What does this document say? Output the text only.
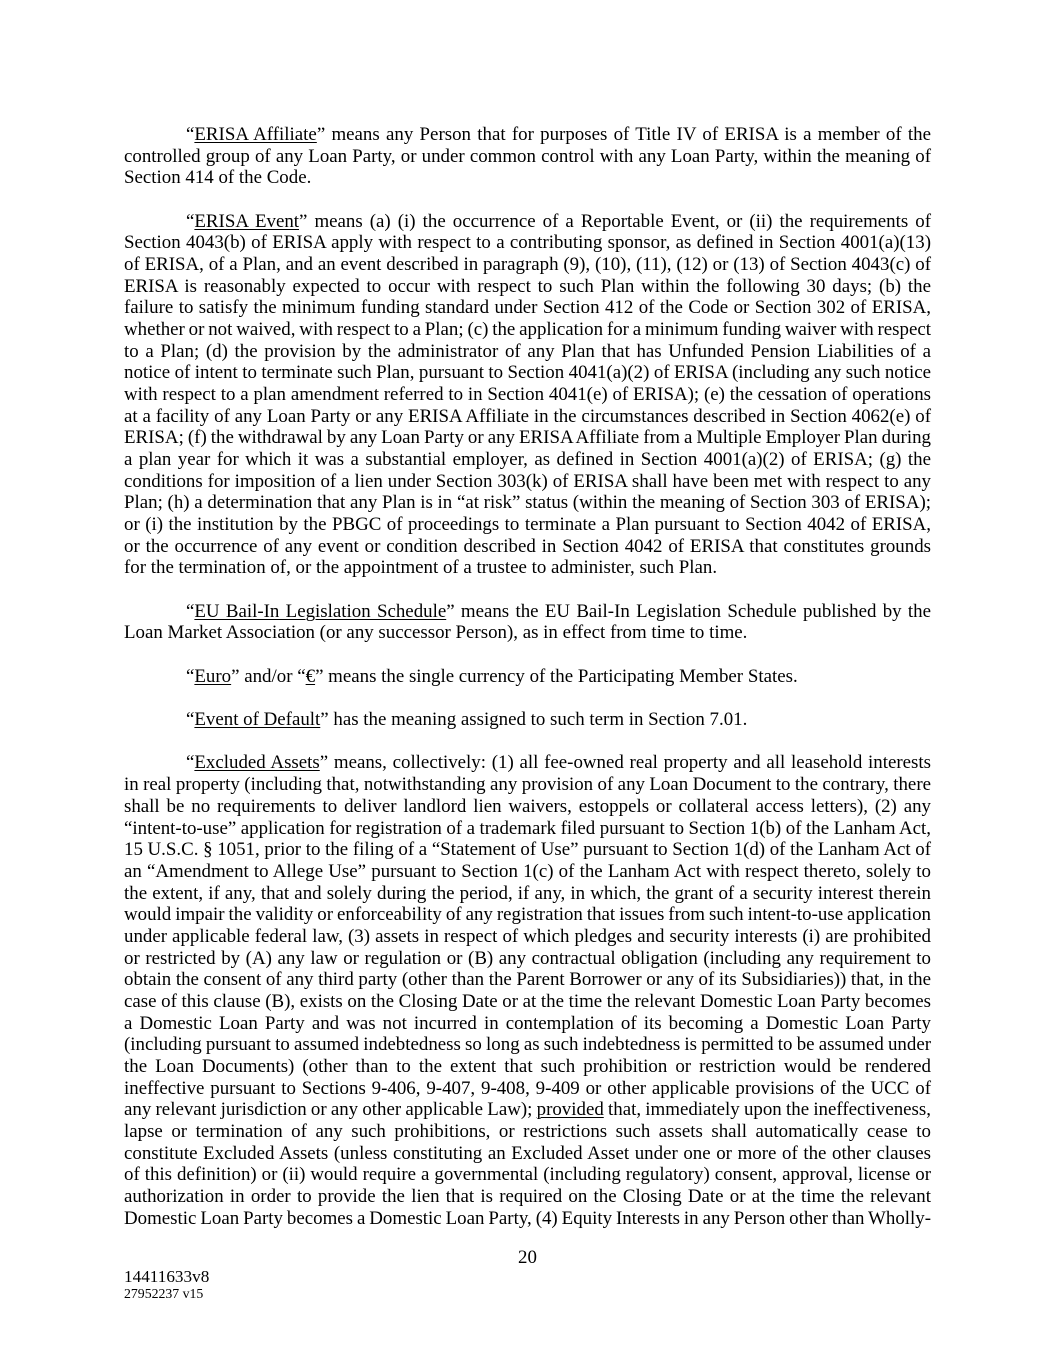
“ERISA Affiliate” means any Person that for purposes of Title IV of ERISA is a member of the
controlled group of any Loan Party, or under common control with any Loan Party, within the meaning of
Section 414 of the Code.
“ERISA Event” means (a) (i) the occurrence of a Reportable Event, or (ii) the requirements of
Section 4043(b) of ERISA apply with respect to a contributing sponsor, as defined in Section 4001(a)(13)
of ERISA, of a Plan, and an event described in paragraph (9), (10), (11), (12) or (13) of Section 4043(c) of
ERISA is reasonably expected to occur with respect to such Plan within the following 30 days; (b) the
failure to satisfy the minimum funding standard under Section 412 of the Code or Section 302 of ERISA,
whether or not waived, with respect to a Plan; (c) the application for a minimum funding waiver with respect
to a Plan; (d) the provision by the administrator of any Plan that has Unfunded Pension Liabilities of a
notice of intent to terminate such Plan, pursuant to Section 4041(a)(2) of ERISA (including any such notice
with respect to a plan amendment referred to in Section 4041(e) of ERISA); (e) the cessation of operations
at a facility of any Loan Party or any ERISA Affiliate in the circumstances described in Section 4062(e) of
ERISA; (f) the withdrawal by any Loan Party or any ERISA Affiliate from a Multiple Employer Plan during
a plan year for which it was a substantial employer, as defined in Section 4001(a)(2) of ERISA; (g) the
conditions for imposition of a lien under Section 303(k) of ERISA shall have been met with respect to any
Plan; (h) a determination that any Plan is in “at risk” status (within the meaning of Section 303 of ERISA);
or (i) the institution by the PBGC of proceedings to terminate a Plan pursuant to Section 4042 of ERISA,
or the occurrence of any event or condition described in Section 4042 of ERISA that constitutes grounds
for the termination of, or the appointment of a trustee to administer, such Plan.
“EU Bail-In Legislation Schedule” means the EU Bail-In Legislation Schedule published by the
Loan Market Association (or any successor Person), as in effect from time to time.
“Euro” and/or “€” means the single currency of the Participating Member States.
“Event of Default” has the meaning assigned to such term in Section 7.01.
“Excluded Assets” means, collectively: (1) all fee-owned real property and all leasehold interests
in real property (including that, notwithstanding any provision of any Loan Document to the contrary, there
shall be no requirements to deliver landlord lien waivers, estoppels or collateral access letters), (2) any
“intent-to-use” application for registration of a trademark filed pursuant to Section 1(b) of the Lanham Act,
15 U.S.C. § 1051, prior to the filing of a “Statement of Use” pursuant to Section 1(d) of the Lanham Act of
an “Amendment to Allege Use” pursuant to Section 1(c) of the Lanham Act with respect thereto, solely to
the extent, if any, that and solely during the period, if any, in which, the grant of a security interest therein
would impair the validity or enforceability of any registration that issues from such intent-to-use application
under applicable federal law, (3) assets in respect of which pledges and security interests (i) are prohibited
or restricted by (A) any law or regulation or (B) any contractual obligation (including any requirement to
obtain the consent of any third party (other than the Parent Borrower or any of its Subsidiaries)) that, in the
case of this clause (B), exists on the Closing Date or at the time the relevant Domestic Loan Party becomes
a Domestic Loan Party and was not incurred in contemplation of its becoming a Domestic Loan Party
(including pursuant to assumed indebtedness so long as such indebtedness is permitted to be assumed under
the Loan Documents) (other than to the extent that such prohibition or restriction would be rendered
ineffective pursuant to Sections 9-406, 9-407, 9-408, 9-409 or other applicable provisions of the UCC of
any relevant jurisdiction or any other applicable Law); provided that, immediately upon the ineffectiveness,
lapse or termination of any such prohibitions, or restrictions such assets shall automatically cease to
constitute Excluded Assets (unless constituting an Excluded Asset under one or more of the other clauses
of this definition) or (ii) would require a governmental (including regulatory) consent, approval, license or
authorization in order to provide the lien that is required on the Closing Date or at the time the relevant
Domestic Loan Party becomes a Domestic Loan Party, (4) Equity Interests in any Person other than Wholly-
20
14411633v8
27952237 v15
